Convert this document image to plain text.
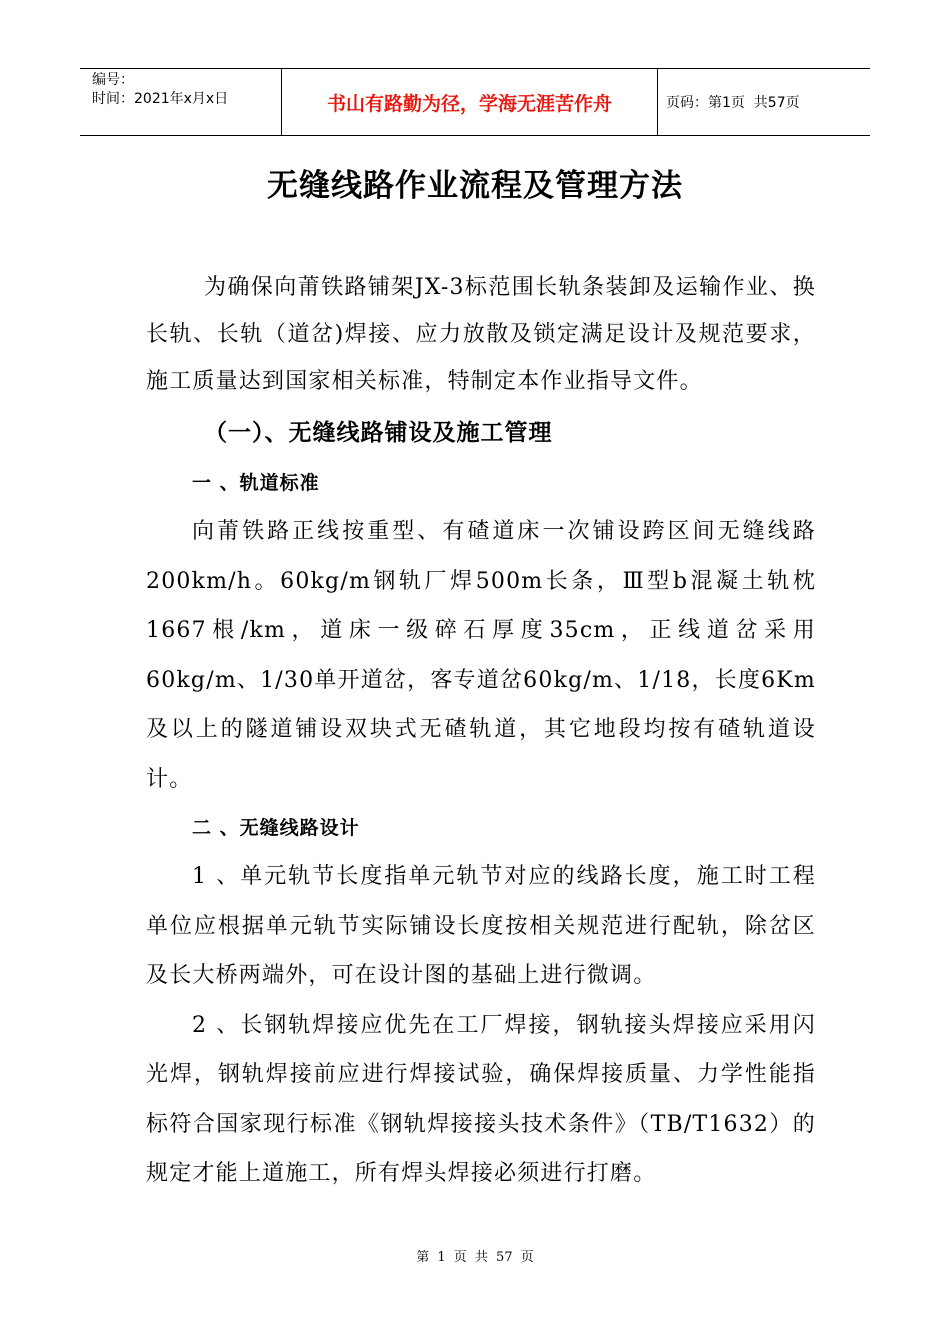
编号：
时间：2021年x月x日	书山有路勤为径，学海无涯苦作舟	页码：第1页  共57页
无缝线路作业流程及管理方法

为确保向莆铁路铺架JX-3标范围长轨条装卸及运输作业、换长轨、长轨（道岔)焊接、应力放散及锁定满足设计及规范要求，施工质量达到国家相关标准，特制定本作业指导文件。

（一）、无缝线路铺设及施工管理
一 、轨道标准

向莆铁路正线按重型、有碴道床一次铺设跨区间无缝线路200km/h。60kg/m钢轨厂焊500m长条，Ⅲ型b混凝土轨枕1667根/km，道床一级碎石厚度35cm，正线道岔采用60kg/m、1/30单开道岔，客专道岔60kg/m、1/18，长度6Km及以上的隧道铺设双块式无碴轨道，其它地段均按有碴轨道设计。

二 、无缝线路设计

1 、单元轨节长度指单元轨节对应的线路长度，施工时工程单位应根据单元轨节实际铺设长度按相关规范进行配轨，除岔区及长大桥两端外，可在设计图的基础上进行微调。

2 、长钢轨焊接应优先在工厂焊接，钢轨接头焊接应采用闪光焊，钢轨焊接前应进行焊接试验，确保焊接质量、力学性能指标符合国家现行标准《钢轨焊接接头技术条件》（TB/T1632）的规定才能上道施工，所有焊头焊接必须进行打磨。

第 1 页 共 57 页
